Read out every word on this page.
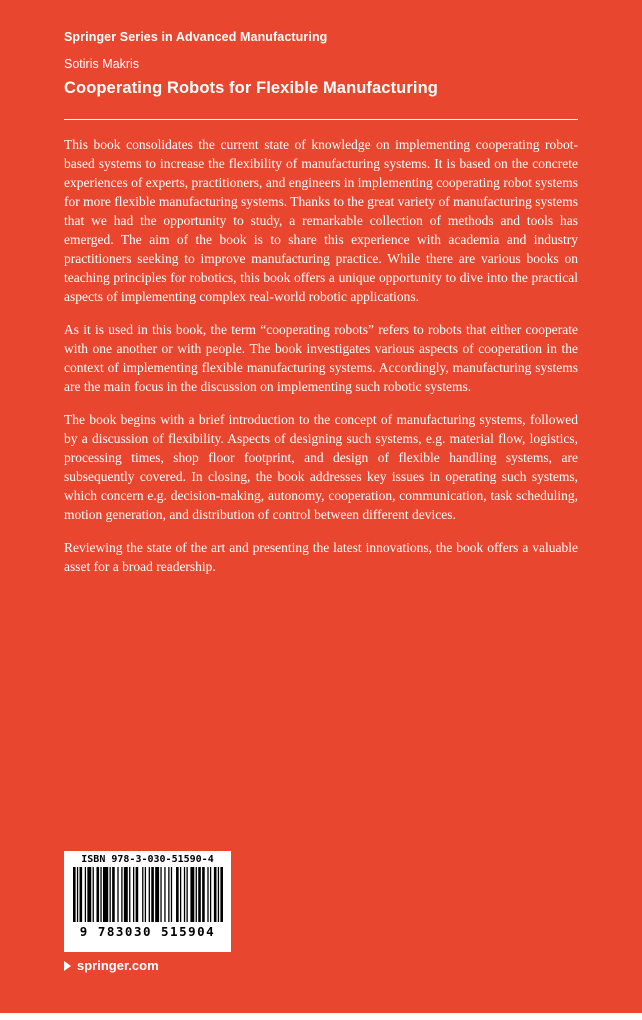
Springer Series in Advanced Manufacturing
Sotiris Makris
Cooperating Robots for Flexible Manufacturing

This book consolidates the current state of knowledge on implementing cooperating robot-based systems to increase the flexibility of manufacturing systems. It is based on the concrete experiences of experts, practitioners, and engineers in implementing cooperating robot systems for more flexible manufacturing systems. Thanks to the great variety of manufacturing systems that we had the opportunity to study, a remarkable collection of methods and tools has emerged. The aim of the book is to share this experience with academia and industry practitioners seeking to improve manufacturing practice. While there are various books on teaching principles for robotics, this book offers a unique opportunity to dive into the practical aspects of implementing complex real-world robotic applications.

As it is used in this book, the term “cooperating robots” refers to robots that either cooperate with one another or with people. The book investigates various aspects of cooperation in the context of implementing flexible manufacturing systems. Accordingly, manufacturing systems are the main focus in the discussion on implementing such robotic systems.

The book begins with a brief introduction to the concept of manufacturing systems, followed by a discussion of flexibility. Aspects of designing such systems, e.g. material flow, logistics, processing times, shop floor footprint, and design of flexible handling systems, are subsequently covered. In closing, the book addresses key issues in operating such systems, which concern e.g. decision-making, autonomy, cooperation, communication, task scheduling, motion generation, and distribution of control between different devices.

Reviewing the state of the art and presenting the latest innovations, the book offers a valuable asset for a broad readership.

ISBN 978-3-030-51590-4
9 783030 515904
springer.com
